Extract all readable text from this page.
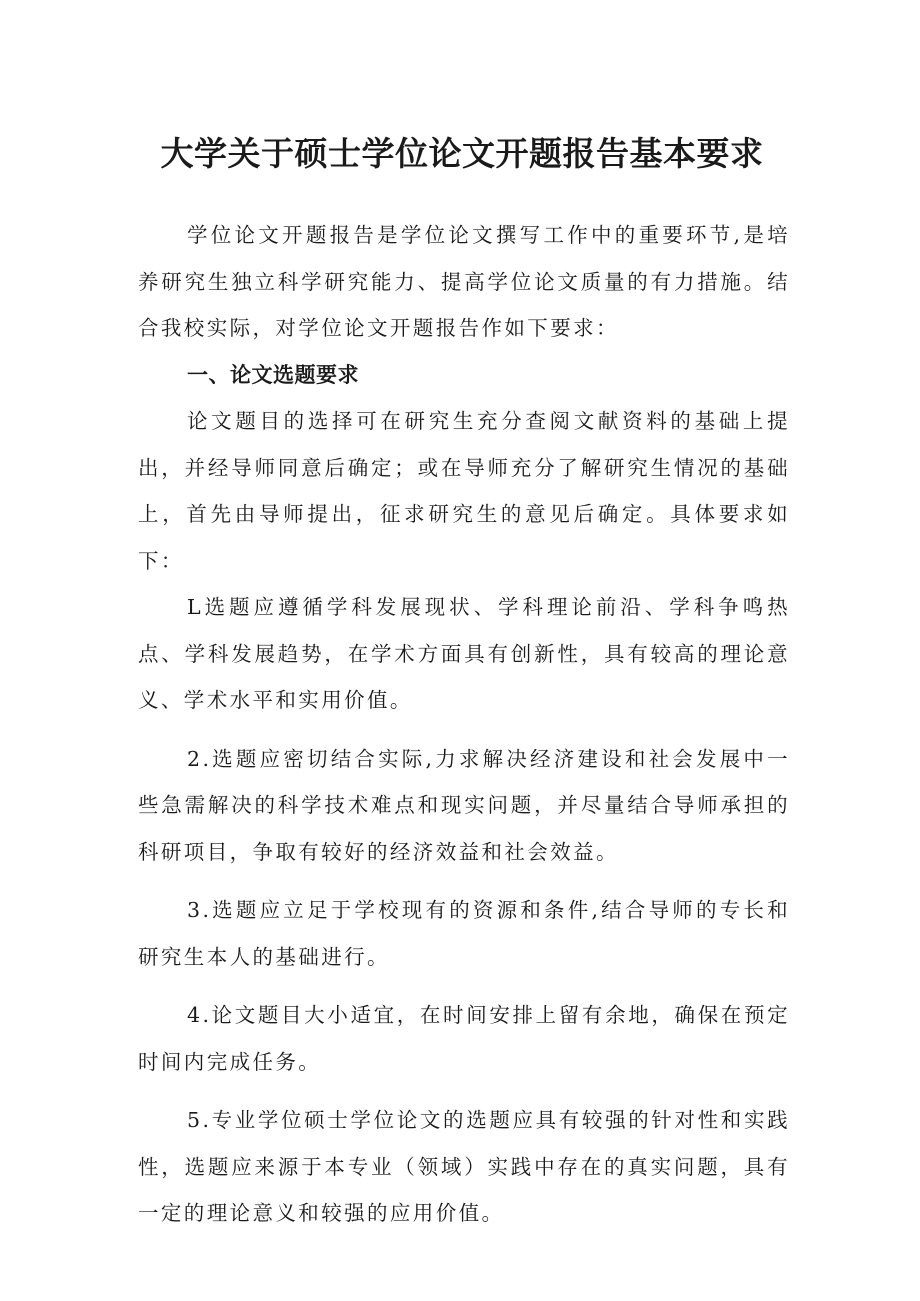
大学关于硕士学位论文开题报告基本要求

学位论文开题报告是学位论文撰写工作中的重要环节,是培养研究生独立科学研究能力、提高学位论文质量的有力措施。结合我校实际，对学位论文开题报告作如下要求：

一、论文选题要求

论文题目的选择可在研究生充分查阅文献资料的基础上提出，并经导师同意后确定；或在导师充分了解研究生情况的基础上，首先由导师提出，征求研究生的意见后确定。具体要求如下：

L选题应遵循学科发展现状、学科理论前沿、学科争鸣热点、学科发展趋势，在学术方面具有创新性，具有较高的理论意义、学术水平和实用价值。

2.选题应密切结合实际,力求解决经济建设和社会发展中一些急需解决的科学技术难点和现实问题，并尽量结合导师承担的科研项目，争取有较好的经济效益和社会效益。

3.选题应立足于学校现有的资源和条件,结合导师的专长和研究生本人的基础进行。

4.论文题目大小适宜，在时间安排上留有余地，确保在预定时间内完成任务。

5.专业学位硕士学位论文的选题应具有较强的针对性和实践性，选题应来源于本专业（领域）实践中存在的真实问题，具有一定的理论意义和较强的应用价值。
